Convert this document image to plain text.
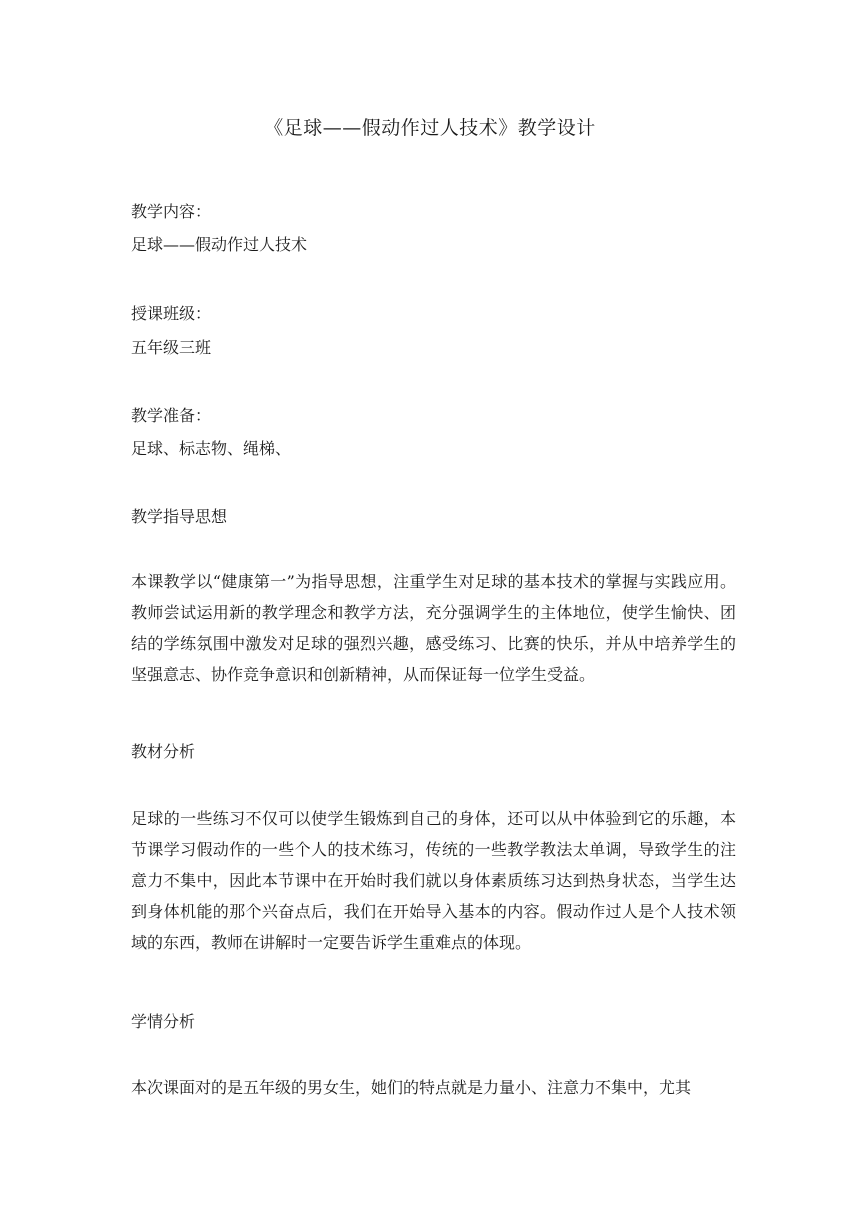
《足球——假动作过人技术》教学设计
教学内容：
足球——假动作过人技术
授课班级：
五年级三班
教学准备：
足球、标志物、绳梯、
教学指导思想
本课教学以“健康第一”为指导思想，注重学生对足球的基本技术的掌握与实践应用。教师尝试运用新的教学理念和教学方法，充分强调学生的主体地位，使学生愉快、团结的学练氛围中激发对足球的强烈兴趣，感受练习、比赛的快乐，并从中培养学生的坚强意志、协作竞争意识和创新精神，从而保证每一位学生受益。
教材分析
足球的一些练习不仅可以使学生锻炼到自己的身体，还可以从中体验到它的乐趣，本节课学习假动作的一些个人的技术练习，传统的一些教学教法太单调，导致学生的注意力不集中，因此本节课中在开始时我们就以身体素质练习达到热身状态，当学生达到身体机能的那个兴奋点后，我们在开始导入基本的内容。假动作过人是个人技术领域的东西，教师在讲解时一定要告诉学生重难点的体现。
学情分析
本次课面对的是五年级的男女生，她们的特点就是力量小、注意力不集中，尤其
